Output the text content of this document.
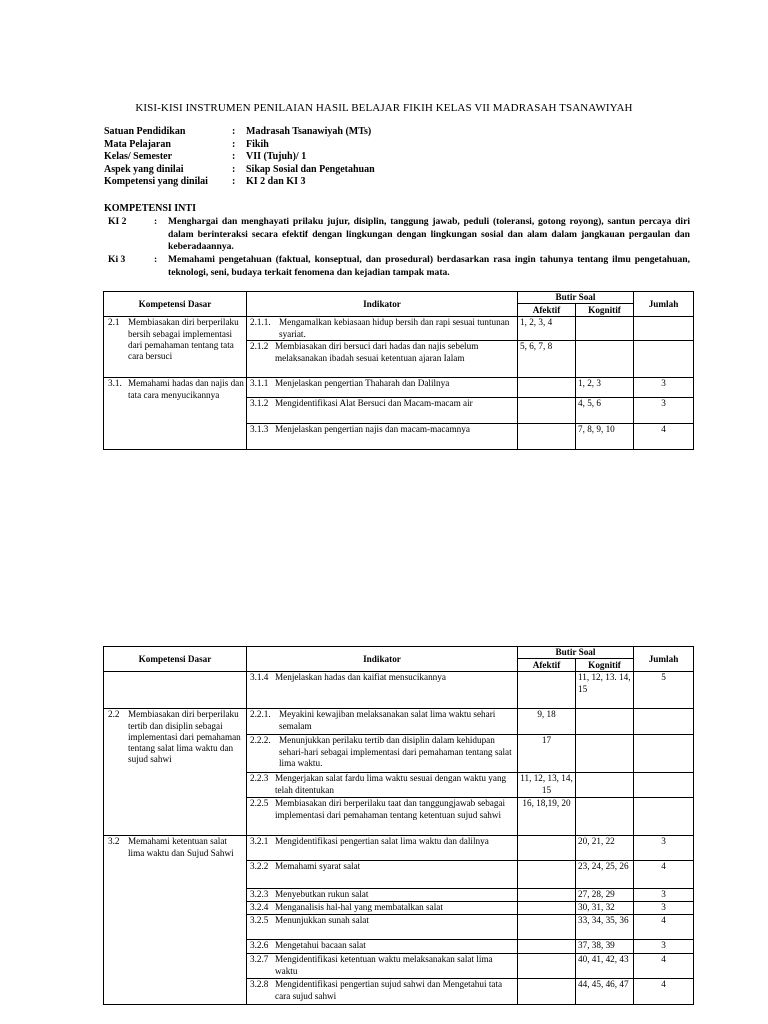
KISI-KISI INSTRUMEN PENILAIAN HASIL BELAJAR FIKIH KELAS VII MADRASAH TSANAWIYAH
Satuan Pendidikan	:	Madrasah Tsanawiyah (MTs)
Mata Pelajaran	:	Fikih
Kelas/ Semester	:	VII (Tujuh)/ 1
Aspek yang dinilai	:	Sikap Sosial dan Pengetahuan
Kompetensi yang dinilai	:	KI 2 dan KI 3
KOMPETENSI INTI
KI 2	: Menghargai dan menghayati prilaku jujur, disiplin, tanggung jawab, peduli (toleransi, gotong royong), santun percaya diri dalam berinteraksi secara efektif dengan lingkungan dengan lingkungan sosial dan alam dalam jangkauan pergaulan dan keberadaannya.
Ki 3	: Memahami pengetahuan (faktual, konseptual, dan prosedural) berdasarkan rasa ingin tahunya tentang ilmu pengetahuan, teknologi, seni, budaya terkait fenomena dan kejadian tampak mata.
Kompetensi Dasar	Indikator	Butir Soal		Jumlah
		Afektif	Kognitif	

2.1 Membiasakan diri berperilaku bersih sebagai implementasi dari pemahaman tentang tata cara bersuci	2.1.1. Mengamalkan kebiasaan hidup bersih dan rapi sesuai tuntunan syariat.	1, 2, 3, 4		

	2.1.2 Membiasakan diri bersuci dari hadas dan najis sebelum melaksanakan ibadah sesuai ketentuan ajaran Ialam	5, 6, 7, 8		

3.1. Memahami hadas dan najis dan tata cara menyucikannya	3.1.1 Menjelaskan pengertian Thaharah dan Dalilnya		1, 2, 3	3

	3.1.2 Mengidentifikasi Alat Bersuci dan Macam-macam air		4, 5, 6	3

	3.1.3 Menjelaskan pengertian najis dan macam-macamnya		7, 8, 9, 10	4
Kompetensi Dasar	Indikator	Butir Soal		Jumlah
		Afektif	Kognitif	

	3.1.4 Menjelaskan hadas dan kaifiat mensucikannya		11, 12, 13. 14, 15	5

2.2 Membiasakan diri berperilaku tertib dan disiplin sebagai implementasi dari pemahaman tentang salat lima waktu dan sujud sahwi	2.2.1. Meyakini kewajiban melaksanakan salat lima waktu sehari semalam	9, 18		

	2.2.2. Menunjukkan perilaku tertib dan disiplin dalam kehidupan sehari-hari sebagai implementasi dari pemahaman tentang salat lima waktu.	17		

	2.2.3 Mengerjakan salat fardu lima waktu sesuai dengan waktu yang telah ditentukan	11, 12, 13, 14, 15		

	2.2.5 Membiasakan diri berperilaku taat dan tanggungjawab sebagai implementasi dari pemahaman tentang ketentuan sujud sahwi	16, 18,19, 20		

3.2 Memahami ketentuan salat lima waktu dan Sujud Sahwi	3.2.1 Mengidentifikasi pengertian salat lima waktu dan dalilnya		20, 21, 22	3

	3.2.2 Memahami syarat salat		23, 24, 25, 26	4

	3.2.3 Menyebutkan rukun salat		27, 28, 29	3

	3.2.4 Menganalisis hal-hal yang membatalkan salat		30, 31, 32	3

	3.2.5 Menunjukkan sunah salat		33, 34, 35, 36	4

	3.2.6 Mengetahui bacaan salat		37, 38, 39	3

	3.2.7 Mengidentifikasi ketentuan waktu melaksanakan salat lima waktu		40, 41, 42, 43	4

	3.2.8 Mengidentifikasi pengertian sujud sahwi dan Mengetahui tata cara sujud sahwi		44, 45, 46, 47	4
